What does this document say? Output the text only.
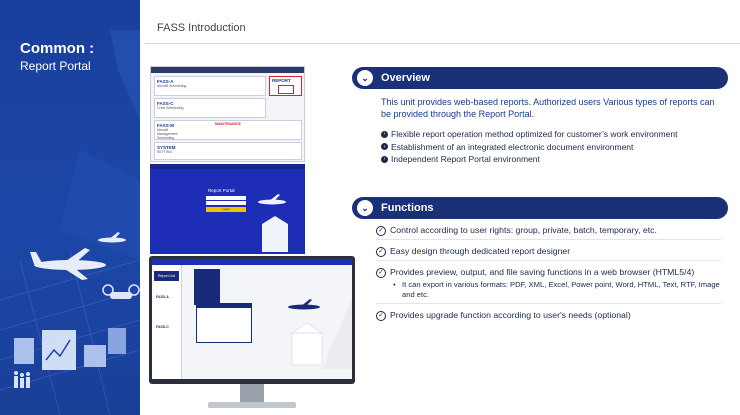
Common :
Report Portal
FASS Introduction
FASS-A
Aircraft Scheduling
REPORT
FASS-C
Crew Scheduling
FASS-M
Aircraft Management Scheduling
MAINTENANCE
SYSTEM
SETTING
Report Portal
Login
Report List
FASS-A
FASS-C
⌄	Overview
This unit provides web-based reports. Authorized users Various types of reports can be provided through the Report Portal.
› Flexible report operation method optimized for customer’s work environment
› Establishment of an integrated electronic document environment
› Independent Report Portal environment
⌄	Functions
✓ Control according to user rights: group, private, batch, temporary, etc.
✓ Easy design through dedicated report designer
✓ Provides preview, output, and file saving functions in a web browser (HTML5/4)
• It can export in various formats: PDF, XML, Excel, Power point, Word, HTML, Text, RTF, Image and etc.
✓ Provides upgrade function according to user's needs (optional)
